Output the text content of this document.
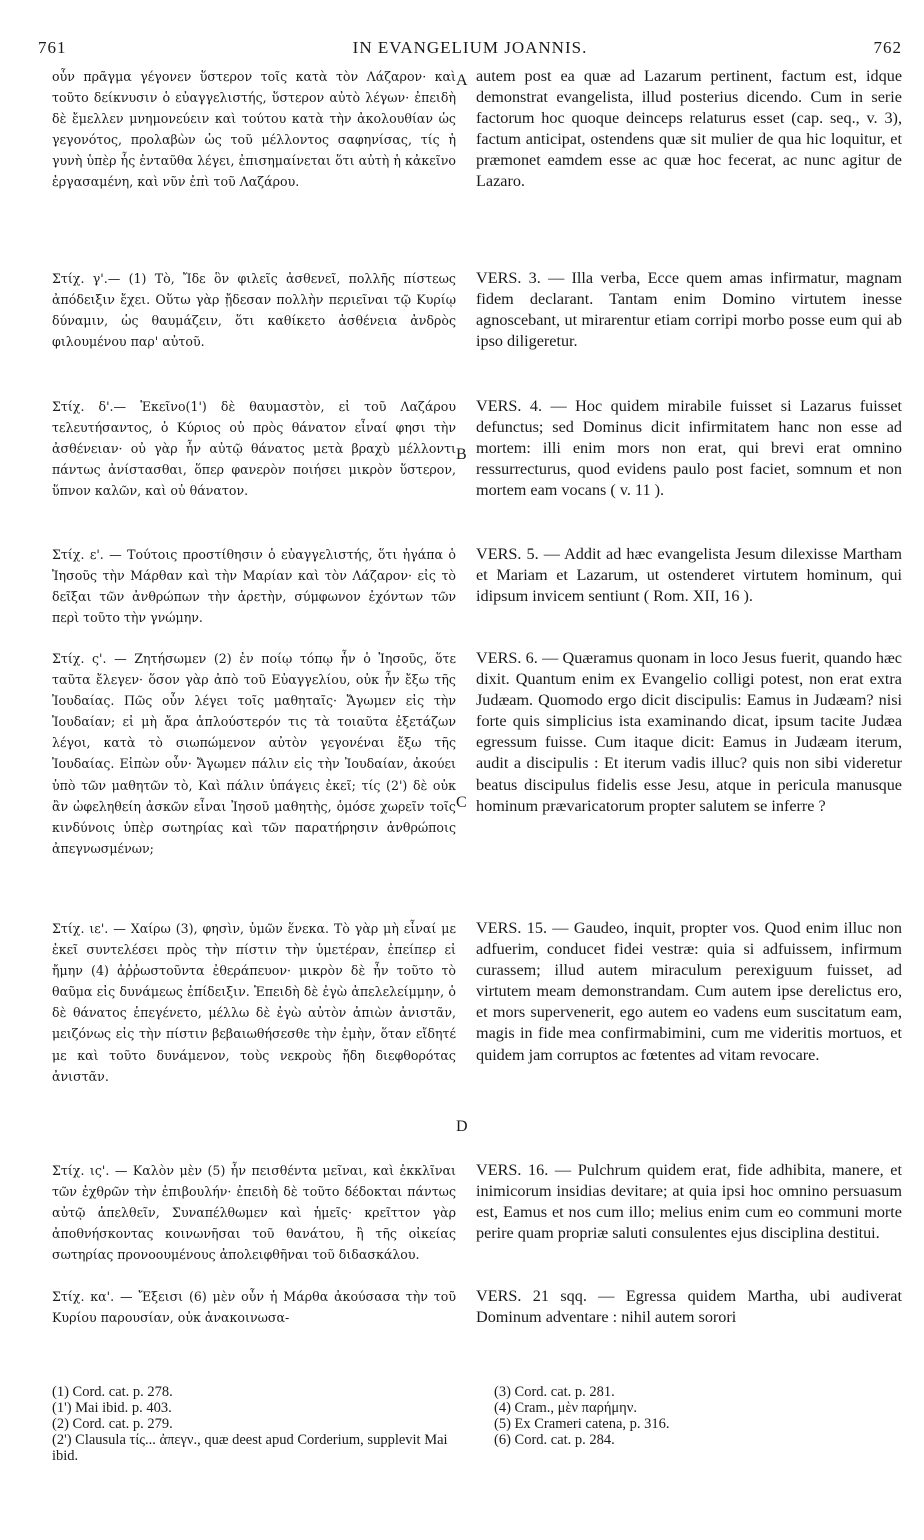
761	IN EVANGELIUM JOANNIS.	762

οὖν πρᾶγμα γέγονεν ὕστερον τοῖς κατὰ τὸν Λάζαρον· καὶ τοῦτο δείκνυσιν ὁ εὐαγγελιστής, ὕστερον αὐτὸ λέγων· ἐπειδὴ δὲ ἔμελλεν μνημονεύειν καὶ τούτου κατὰ τὴν ἀκολουθίαν ὡς γεγονότος, προλαβὼν ὡς τοῦ μέλλοντος σαφηνίσας, τίς ἡ γυνὴ ὑπὲρ ἧς ἐνταῦθα λέγει, ἐπισημαίνεται ὅτι αὐτὴ ἡ κἀκεῖνο ἐργασαμένη, καὶ νῦν ἐπὶ τοῦ Λαζάρου.

Στίχ. γ'.— (1) Τὸ, Ἴδε ὃν φιλεῖς ἀσθενεῖ, πολλῆς πίστεως ἀπόδειξιν ἔχει. Οὕτω γὰρ ᾔδεσαν πολλὴν περιεῖναι τῷ Κυρίῳ δύναμιν, ὡς θαυμάζειν, ὅτι καθίκετο ἀσθένεια ἀνδρὸς φιλουμένου παρ' αὐτοῦ.

Στίχ. δ'.— Ἐκεῖνο(1') δὲ θαυμαστὸν, εἰ τοῦ Λαζάρου τελευτήσαντος, ὁ Κύριος οὐ πρὸς θάνατον εἶναί φησι τὴν ἀσθένειαν· οὐ γὰρ ἦν αὐτῷ θάνατος μετὰ βραχὺ μέλλοντι πάντως ἀνίστασθαι, ὅπερ φανερὸν ποιήσει μικρὸν ὕστερον, ὕπνον καλῶν, καὶ οὐ θάνατον.

Στίχ. ε'. — Τούτοις προστίθησιν ὁ εὐαγγελιστής, ὅτι ἠγάπα ὁ Ἰησοῦς τὴν Μάρθαν καὶ τὴν Μαρίαν καὶ τὸν Λάζαρον· εἰς τὸ δεῖξαι τῶν ἀνθρώπων τὴν ἀρετὴν, σύμφωνον ἐχόντων τῶν περὶ τοῦτο τὴν γνώμην.

Στίχ. ς'. — Ζητήσωμεν (2) ἐν ποίῳ τόπῳ ἦν ὁ Ἰησοῦς, ὅτε ταῦτα ἔλεγεν· ὅσον γὰρ ἀπὸ τοῦ Εὐαγγελίου, οὐκ ἦν ἔξω τῆς Ἰουδαίας. Πῶς οὖν λέγει τοῖς μαθηταῖς· Ἄγωμεν εἰς τὴν Ἰουδαίαν; εἰ μὴ ἄρα ἁπλούστερόν τις τὰ τοιαῦτα ἐξετάζων λέγοι, κατὰ τὸ σιωπώμενον αὐτὸν γεγονέναι ἔξω τῆς Ἰουδαίας. Εἰπὼν οὖν· Ἄγωμεν πάλιν εἰς τὴν Ἰουδαίαν, ἀκούει ὑπὸ τῶν μαθητῶν τὸ, Καὶ πάλιν ὑπάγεις ἐκεῖ; τίς (2') δὲ οὐκ ἂν ὠφεληθείη ἀσκῶν εἶναι Ἰησοῦ μαθητὴς, ὁμόσε χωρεῖν τοῖς κινδύνοις ὑπὲρ σωτηρίας καὶ τῶν παρατήρησιν ἀνθρώποις ἀπεγνωσμένων;

Στίχ. ιε'. — Χαίρω (3), φησὶν, ὑμῶν ἕνεκα. Τὸ γὰρ μὴ εἶναί με ἐκεῖ συντελέσει πρὸς τὴν πίστιν τὴν ὑμετέραν, ἐπείπερ εἰ ἤμην (4) ἀῤῥωστοῦντα ἐθεράπευον· μικρὸν δὲ ἦν τοῦτο τὸ θαῦμα εἰς δυνάμεως ἐπίδειξιν. Ἐπειδὴ δὲ ἐγὼ ἀπελελείμμην, ὁ δὲ θάνατος ἐπεγένετο, μέλλω δὲ ἐγὼ αὐτὸν ἀπιὼν ἀνιστᾶν, μειζόνως εἰς τὴν πίστιν βεβαιωθήσεσθε τὴν ἐμὴν, ὅταν εἴδητέ με καὶ τοῦτο δυνάμενον, τοὺς νεκροὺς ἤδη διεφθορότας ἀνιστᾶν.

Στίχ. ις'. — Καλὸν μὲν (5) ἦν πεισθέντα μεῖναι, καὶ ἐκκλῖναι τῶν ἐχθρῶν τὴν ἐπιβουλήν· ἐπειδὴ δὲ τοῦτο δέδοκται πάντως αὐτῷ ἀπελθεῖν, Συναπέλθωμεν καὶ ἡμεῖς· κρεῖττον γὰρ ἀποθνήσκοντας κοινωνῆσαι τοῦ θανάτου, ἢ τῆς οἰκείας σωτηρίας προνοουμένους ἀπολειφθῆναι τοῦ διδασκάλου.

Στίχ. κα'. — Ἔξεισι (6) μὲν οὖν ἡ Μάρθα ἀκούσασα τὴν τοῦ Κυρίου παρουσίαν, οὐκ ἀνακοινωσα-

A
B
C
D

autem post ea quæ ad Lazarum pertinent, factum est, idque demonstrat evangelista, illud posterius dicendo. Cum in serie factorum hoc quoque deinceps relaturus esset (cap. seq., v. 3), factum anticipat, ostendens quæ sit mulier de qua hic loquitur, et præmonet eamdem esse ac quæ hoc fecerat, ac nunc agitur de Lazaro.

VERS. 3. — Illa verba, Ecce quem amas infirmatur, magnam fidem declarant. Tantam enim Domino virtutem inesse agnoscebant, ut mirarentur etiam corripi morbo posse eum qui ab ipso diligeretur.

VERS. 4. — Hoc quidem mirabile fuisset si Lazarus fuisset defunctus; sed Dominus dicit infirmitatem hanc non esse ad mortem: illi enim mors non erat, qui brevi erat omnino ressurrecturus, quod evidens paulo post faciet, somnum et non mortem eam vocans ( v. 11 ).

VERS. 5. — Addit ad hæc evangelista Jesum dilexisse Martham et Mariam et Lazarum, ut ostenderet virtutem hominum, qui idipsum invicem sentiunt ( Rom. XII, 16 ).

VERS. 6. — Quæramus quonam in loco Jesus fuerit, quando hæc dixit. Quantum enim ex Evangelio colligi potest, non erat extra Judæam. Quomodo ergo dicit discipulis: Eamus in Judæam? nisi forte quis simplicius ista examinando dicat, ipsum tacite Judæa egressum fuisse. Cum itaque dicit: Eamus in Judæam iterum, audit a discipulis : Et iterum vadis illuc? quis non sibi videretur beatus discipulus fidelis esse Jesu, atque in pericula manusque hominum prævaricatorum propter salutem se inferre ?

VERS. 15. — Gaudeo, inquit, propter vos. Quod enim illuc non adfuerim, conducet fidei vestræ: quia si adfuissem, infirmum curassem; illud autem miraculum perexiguum fuisset, ad virtutem meam demonstrandam. Cum autem ipse derelictus ero, et mors supervenerit, ego autem eo vadens eum suscitatum eam, magis in fide mea confirmabimini, cum me videritis mortuos, et quidem jam corruptos ac fœtentes ad vitam revocare.

VERS. 16. — Pulchrum quidem erat, fide adhibita, manere, et inimicorum insidias devitare; at quia ipsi hoc omnino persuasum est, Eamus et nos cum illo; melius enim cum eo communi morte perire quam propriæ saluti consulentes ejus disciplina destitui.

VERS. 21 sqq. — Egressa quidem Martha, ubi audiverat Dominum adventare : nihil autem sorori

(1) Cord. cat. p. 278.
(1') Mai ibid. p. 403.
(2) Cord. cat. p. 279.
(2') Clausula τίς... ἀπεγν., quæ deest apud Corderium, supplevit Mai ibid.
(3) Cord. cat. p. 281.
(4) Cram., μὲν παρήμην.
(5) Ex Crameri catena, p. 316.
(6) Cord. cat. p. 284.
